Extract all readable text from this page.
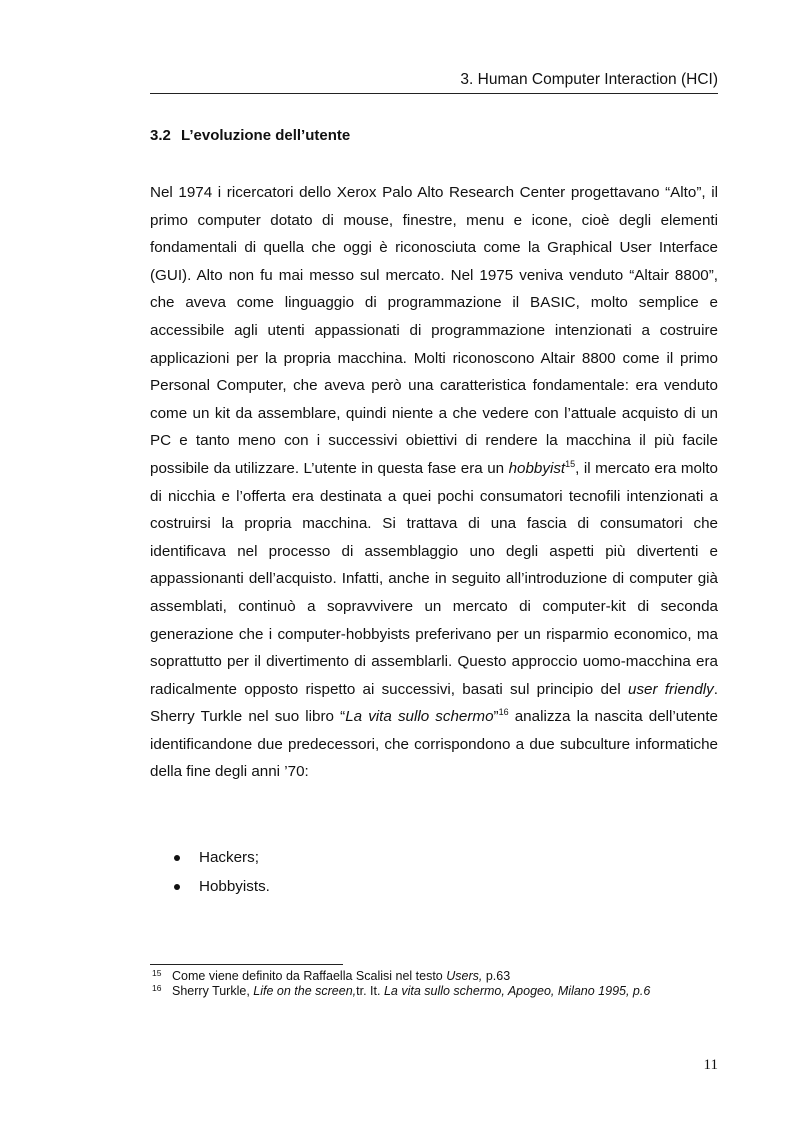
3. Human Computer Interaction (HCI)
3.2 L’evoluzione dell’utente

Nel 1974 i ricercatori dello Xerox Palo Alto Research Center progettavano “Alto”, il primo computer dotato di mouse, finestre, menu e icone, cioè degli elementi fondamentali di quella che oggi è riconosciuta come la Graphical User Interface (GUI). Alto non fu mai messo sul mercato. Nel 1975 veniva venduto “Altair 8800”, che aveva come linguaggio di programmazione il BASIC, molto semplice e accessibile agli utenti appassionati di programmazione intenzionati a costruire applicazioni per la propria macchina. Molti riconoscono Altair 8800 come il primo Personal Computer, che aveva però una caratteristica fondamentale: era venduto come un kit da assemblare, quindi niente a che vedere con l’attuale acquisto di un PC e tanto meno con i successivi obiettivi di rendere la macchina il più facile possibile da utilizzare. L’utente in questa fase era un hobbyist$^{15}$, il mercato era molto di nicchia e l’offerta era destinata a quei pochi consumatori tecnofili intenzionati a costruirsi la propria macchina. Si trattava di una fascia di consumatori che identificava nel processo di assemblaggio uno degli aspetti più divertenti e appassionanti dell’acquisto. Infatti, anche in seguito all’introduzione di computer già assemblati, continuò a sopravvivere un mercato di computer-kit di seconda generazione che i computer-hobbyists preferivano per un risparmio economico, ma soprattutto per il divertimento di assemblarli. Questo approccio uomo-macchina era radicalmente opposto rispetto ai successivi, basati sul principio del user friendly. Sherry Turkle nel suo libro “La vita sullo schermo”$^{16}$ analizza la nascita dell’utente identificandone due predecessori, che corrispondono a due subculture informatiche della fine degli anni ’70:

Hackers;
Hobbyists.
15 Come viene definito da Raffaella Scalisi nel testo Users, p.63
16 Sherry Turkle, Life on the screen,tr. It. La vita sullo schermo, Apogeo, Milano 1995, p.6
11
